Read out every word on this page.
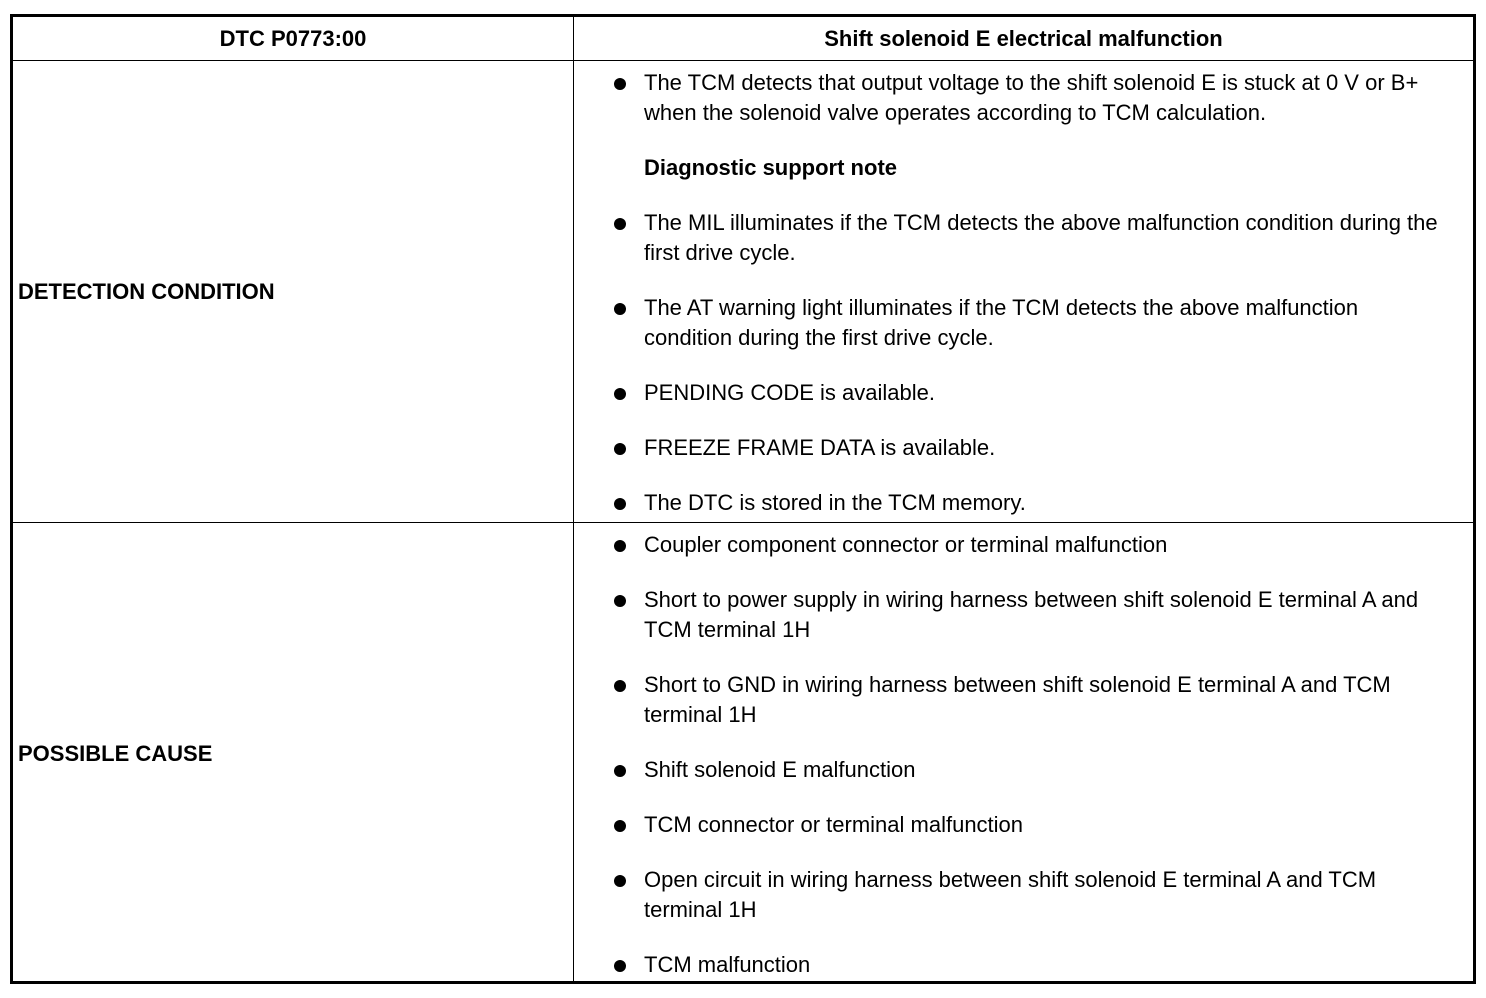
DTC P0773:00	Shift solenoid E electrical malfunction
DETECTION CONDITION
The TCM detects that output voltage to the shift solenoid E is stuck at 0 V or B+ when the solenoid valve operates according to TCM calculation.
Diagnostic support note
The MIL illuminates if the TCM detects the above malfunction condition during the first drive cycle.
The AT warning light illuminates if the TCM detects the above malfunction condition during the first drive cycle.
PENDING CODE is available.
FREEZE FRAME DATA is available.
The DTC is stored in the TCM memory.
POSSIBLE CAUSE
Coupler component connector or terminal malfunction
Short to power supply in wiring harness between shift solenoid E terminal A and TCM terminal 1H
Short to GND in wiring harness between shift solenoid E terminal A and TCM terminal 1H
Shift solenoid E malfunction
TCM connector or terminal malfunction
Open circuit in wiring harness between shift solenoid E terminal A and TCM terminal 1H
TCM malfunction
